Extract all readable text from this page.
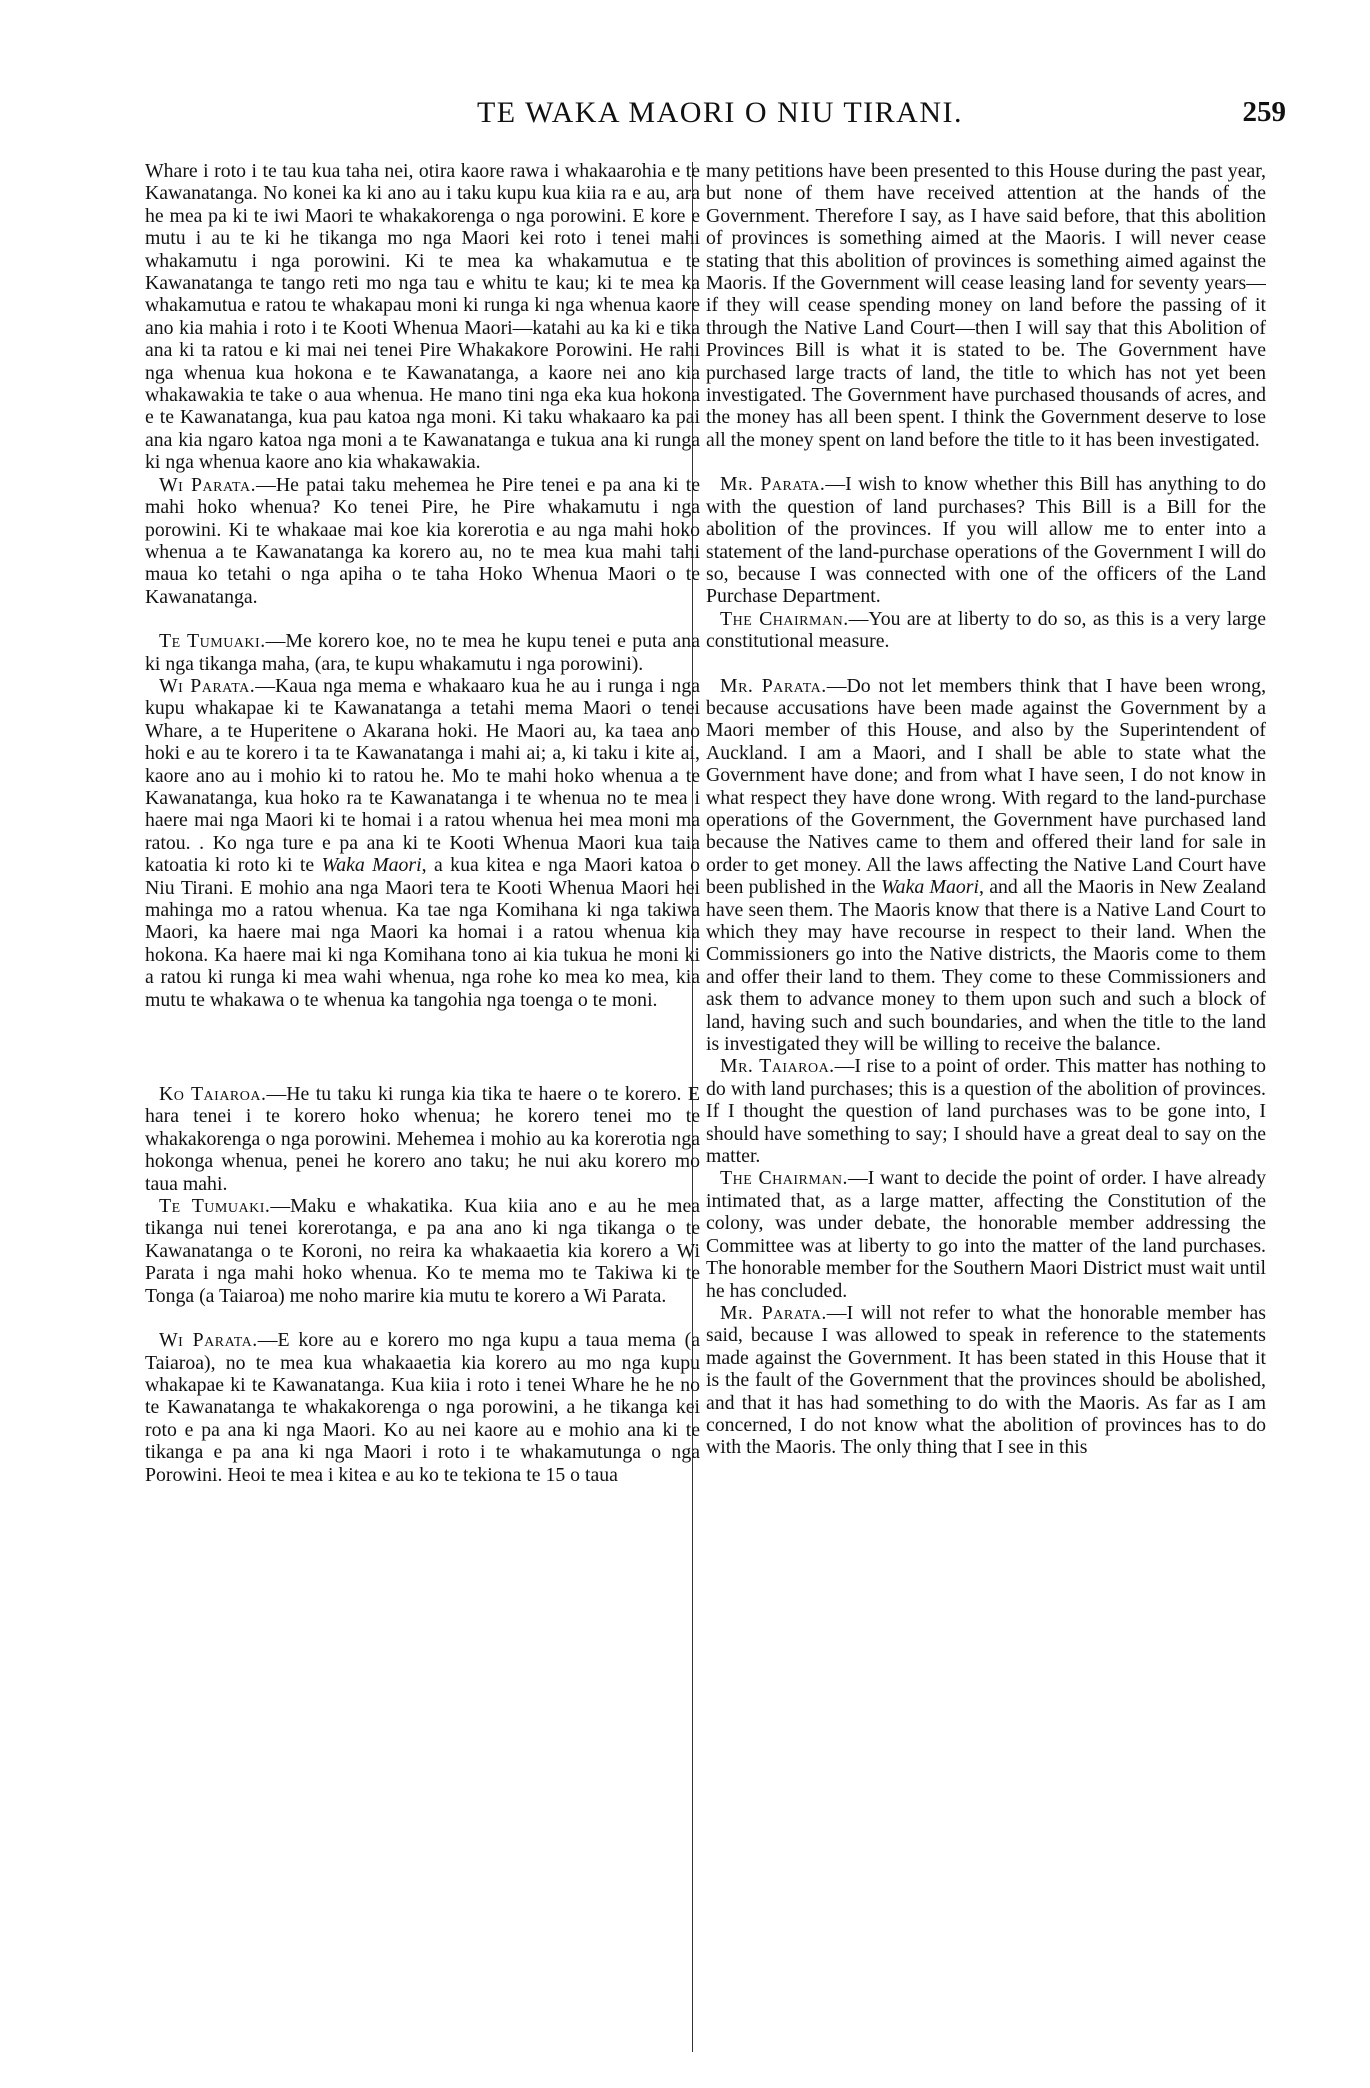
TE WAKA MAORI O NIU TIRANI.	259

Whare i roto i te tau kua taha nei, otira kaore rawa i whakaarohia e te Kawanatanga. No konei ka ki ano au i taku kupu kua kiia ra e au, ara he mea pa ki te iwi Maori te whakakorenga o nga porowini. E kore e mutu i au te ki he tikanga mo nga Maori kei roto i tenei mahi whakamutu i nga porowini. Ki te mea ka whakamutua e te Kawanatanga te tango reti mo nga tau e whitu te kau; ki te mea ka whakamutua e ratou te whakapau moni ki runga ki nga whenua kaore ano kia mahia i roto i te Kooti Whenua Maori—katahi au ka ki e tika ana ki ta ratou e ki mai nei tenei Pire Whakakore Porowini. He rahi nga whenua kua hokona e te Kawanatanga, a kaore nei ano kia whakawakia te take o aua whenua. He mano tini nga eka kua hokona e te Kawanatanga, kua pau katoa nga moni. Ki taku whakaaro ka pai ana kia ngaro katoa nga moni a te Kawanatanga e tukua ana ki runga ki nga whenua kaore ano kia whakawakia.

Wi Parata.—He patai taku mehemea he Pire tenei e pa ana ki te mahi hoko whenua? Ko tenei Pire, he Pire whakamutu i nga porowini. Ki te whakaae mai koe kia korerotia e au nga mahi hoko whenua a te Kawanatanga ka korero au, no te mea kua mahi tahi maua ko tetahi o nga apiha o te taha Hoko Whenua Maori o te Kawanatanga.

Te Tumuaki.—Me korero koe, no te mea he kupu tenei e puta ana ki nga tikanga maha, (ara, te kupu whakamutu i nga porowini).

Wi Parata.—Kaua nga mema e whakaaro kua he au i runga i nga kupu whakapae ki te Kawanatanga a tetahi mema Maori o tenei Whare, a te Huperitene o Akarana hoki. He Maori au, ka taea ano hoki e au te korero i ta te Kawanatanga i mahi ai; a, ki taku i kite ai, kaore ano au i mohio ki to ratou he. Mo te mahi hoko whenua a te Kawanatanga, kua hoko ra te Kawanatanga i te whenua no te mea i haere mai nga Maori ki te homai i a ratou whenua hei mea moni ma ratou. . Ko nga ture e pa ana ki te Kooti Whenua Maori kua taia katoatia ki roto ki te Waka Maori, a kua kitea e nga Maori katoa o Niu Tirani. E mohio ana nga Maori tera te Kooti Whenua Maori hei mahinga mo a ratou whenua. Ka tae nga Komihana ki nga takiwa Maori, ka haere mai nga Maori ka homai i a ratou whenua kia hokona. Ka haere mai ki nga Komihana tono ai kia tukua he moni ki a ratou ki runga ki mea wahi whenua, nga rohe ko mea ko mea, kia mutu te whakawa o te whenua ka tangohia nga toenga o te moni.

Ko Taiaroa.—He tu taku ki runga kia tika te haere o te korero. E hara tenei i te korero hoko whenua; he korero tenei mo te whakakorenga o nga porowini. Mehemea i mohio au ka korerotia nga hokonga whenua, penei he korero ano taku; he nui aku korero mo taua mahi.

Te Tumuaki.—Maku e whakatika. Kua kiia ano e au he mea tikanga nui tenei korerotanga, e pa ana ano ki nga tikanga o te Kawanatanga o te Koroni, no reira ka whakaaetia kia korero a Wi Parata i nga mahi hoko whenua. Ko te mema mo te Takiwa ki te Tonga (a Taiaroa) me noho marire kia mutu te korero a Wi Parata.

Wi Parata.—E kore au e korero mo nga kupu a taua mema (a Taiaroa), no te mea kua whakaaetia kia korero au mo nga kupu whakapae ki te Kawanatanga. Kua kiia i roto i tenei Whare he he no te Kawanatanga te whakakorenga o nga porowini, a he tikanga kei roto e pa ana ki nga Maori. Ko au nei kaore au e mohio ana ki te tikanga e pa ana ki nga Maori i roto i te whakamutunga o nga Porowini. Heoi te mea i kitea e au ko te tekiona te 15 o taua

many petitions have been presented to this House during the past year, but none of them have received attention at the hands of the Government. Therefore I say, as I have said before, that this abolition of provinces is something aimed at the Maoris. I will never cease stating that this abolition of provinces is something aimed against the Maoris. If the Government will cease leasing land for seventy years—if they will cease spending money on land before the passing of it through the Native Land Court—then I will say that this Abolition of Provinces Bill is what it is stated to be. The Government have purchased large tracts of land, the title to which has not yet been investigated. The Government have purchased thousands of acres, and the money has all been spent. I think the Government deserve to lose all the money spent on land before the title to it has been investigated.

Mr. Parata.—I wish to know whether this Bill has anything to do with the question of land purchases? This Bill is a Bill for the abolition of the provinces. If you will allow me to enter into a statement of the land-purchase operations of the Government I will do so, because I was connected with one of the officers of the Land Purchase Department.

The Chairman.—You are at liberty to do so, as this is a very large constitutional measure.

Mr. Parata.—Do not let members think that I have been wrong, because accusations have been made against the Government by a Maori member of this House, and also by the Superintendent of Auckland. I am a Maori, and I shall be able to state what the Government have done; and from what I have seen, I do not know in what respect they have done wrong. With regard to the land-purchase operations of the Government, the Government have purchased land because the Natives came to them and offered their land for sale in order to get money. All the laws affecting the Native Land Court have been published in the Waka Maori, and all the Maoris in New Zealand have seen them. The Maoris know that there is a Native Land Court to which they may have recourse in respect to their land. When the Commissioners go into the Native districts, the Maoris come to them and offer their land to them. They come to these Commissioners and ask them to advance money to them upon such and such a block of land, having such and such boundaries, and when the title to the land is investigated they will be willing to receive the balance.

Mr. Taiaroa.—I rise to a point of order. This matter has nothing to do with land purchases; this is a question of the abolition of provinces. If I thought the question of land purchases was to be gone into, I should have something to say; I should have a great deal to say on the matter.

The Chairman.—I want to decide the point of order. I have already intimated that, as a large matter, affecting the Constitution of the colony, was under debate, the honorable member addressing the Committee was at liberty to go into the matter of the land purchases. The honorable member for the Southern Maori District must wait until he has concluded.

Mr. Parata.—I will not refer to what the honorable member has said, because I was allowed to speak in reference to the statements made against the Government. It has been stated in this House that it is the fault of the Government that the provinces should be abolished, and that it has had something to do with the Maoris. As far as I am concerned, I do not know what the abolition of provinces has to do with the Maoris. The only thing that I see in this
